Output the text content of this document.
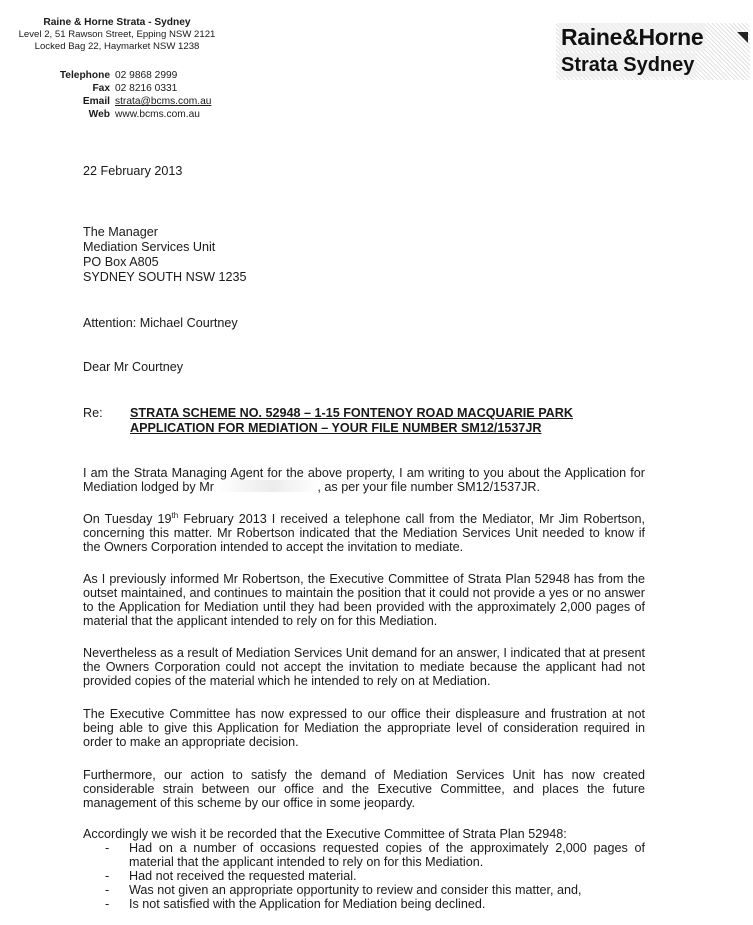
Raine & Horne Strata - Sydney
Level 2, 51 Rawson Street, Epping NSW 2121
Locked Bag 22, Haymarket NSW 1238
Telephone 02 9868 2999
Fax 02 8216 0331
Email strata@bcms.com.au
Web www.bcms.com.au
Raine&Horne
Strata Sydney
22 February 2013
The Manager
Mediation Services Unit
PO Box A805
SYDNEY SOUTH NSW 1235
Attention: Michael Courtney
Dear Mr Courtney
Re: STRATA SCHEME NO. 52948 – 1-15 FONTENOY ROAD MACQUARIE PARK
APPLICATION FOR MEDIATION – YOUR FILE NUMBER SM12/1537JR
I am the Strata Managing Agent for the above property, I am writing to you about the Application for Mediation lodged by Mr	, as per your file number SM12/1537JR.
On Tuesday 19th February 2013 I received a telephone call from the Mediator, Mr Jim Robertson, concerning this matter. Mr Robertson indicated that the Mediation Services Unit needed to know if the Owners Corporation intended to accept the invitation to mediate.
As I previously informed Mr Robertson, the Executive Committee of Strata Plan 52948 has from the outset maintained, and continues to maintain the position that it could not provide a yes or no answer to the Application for Mediation until they had been provided with the approximately 2,000 pages of material that the applicant intended to rely on for this Mediation.
Nevertheless as a result of Mediation Services Unit demand for an answer, I indicated that at present the Owners Corporation could not accept the invitation to mediate because the applicant had not provided copies of the material which he intended to rely on at Mediation.
The Executive Committee has now expressed to our office their displeasure and frustration at not being able to give this Application for Mediation the appropriate level of consideration required in order to make an appropriate decision.
Furthermore, our action to satisfy the demand of Mediation Services Unit has now created considerable strain between our office and the Executive Committee, and places the future management of this scheme by our office in some jeopardy.
Accordingly we wish it be recorded that the Executive Committee of Strata Plan 52948:
- Had on a number of occasions requested copies of the approximately 2,000 pages of material that the applicant intended to rely on for this Mediation.
- Had not received the requested material.
- Was not given an appropriate opportunity to review and consider this matter, and,
- Is not satisfied with the Application for Mediation being declined.
